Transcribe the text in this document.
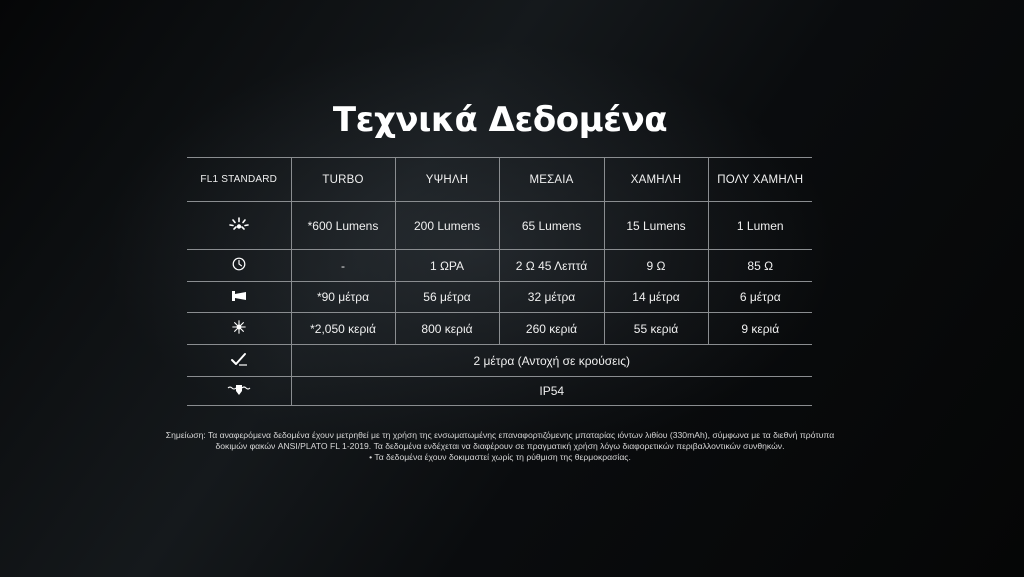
Τεχνικά Δεδομένα
FL1 STANDARD	TURBO	ΥΨΗΛΗ	ΜΕΣΑΙΑ	ΧΑΜΗΛΗ	ΠΟΛΥ ΧΑΜΗΛΗ
	*600 Lumens	200 Lumens	65 Lumens	15 Lumens	1 Lumen
	-	1 ΩΡΑ	2 Ω 45 Λεπτά	9 Ω	85 Ω
	*90 μέτρα	56 μέτρα	32 μέτρα	14 μέτρα	6 μέτρα
	*2,050 κεριά	800 κεριά	260 κεριά	55 κεριά	9 κεριά
	2 μέτρα (Αντοχή σε κρούσεις)				
	IP54				

Σημείωση: Τα αναφερόμενα δεδομένα έχουν μετρηθεί με τη χρήση της ενσωματωμένης επαναφορτιζόμενης μπαταρίας ιόντων λιθίου (330mAh), σύμφωνα με τα διεθνή πρότυπα

δοκιμών φακών ANSI/PLATO FL 1-2019. Τα δεδομένα ενδέχεται να διαφέρουν σε πραγματική χρήση λόγω διαφορετικών περιβαλλοντικών συνθηκών.

• Τα δεδομένα έχουν δοκιμαστεί χωρίς τη ρύθμιση της θερμοκρασίας.
